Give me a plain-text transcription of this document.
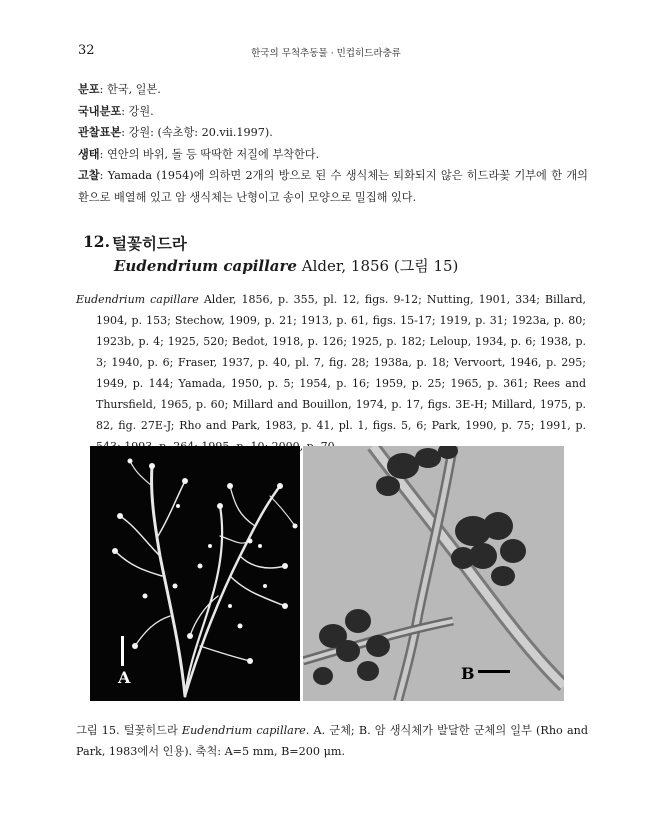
32	한국의 무척추동물 · 민컵히드라충류

분포: 한국, 일본.

국내분포: 강원.

관찰표본: 강원: (속초항: 20.vii.1997).

생태: 연안의 바위, 돌 등 딱딱한 저질에 부착한다.

고찰: Yamada (1954)에 의하면 2개의 방으로 된 수 생식체는 퇴화되지 않은 히드라꽃 기부에 한 개의 환으로 배열해 있고 암 생식체는 난형이고 송이 모양으로 밀집해 있다.

12. 털꽃히드라
Eudendrium capillare Alder, 1856 (그림 15)

Eudendrium capillare Alder, 1856, p. 355, pl. 12, figs. 9-12; Nutting, 1901, 334; Billard, 1904, p. 153; Stechow, 1909, p. 21; 1913, p. 61, figs. 15-17; 1919, p. 31; 1923a, p. 80; 1923b, p. 4; 1925, 520; Bedot, 1918, p. 126; 1925, p. 182; Leloup, 1934, p. 6; 1938, p. 3; 1940, p. 6; Fraser, 1937, p. 40, pl. 7, fig. 28; 1938a, p. 18; Vervoort, 1946, p. 295; 1949, p. 144; Yamada, 1950, p. 5; 1954, p. 16; 1959, p. 25; 1965, p. 361; Rees and Thursfield, 1965, p. 60; Millard and Bouillon, 1974, p. 17, figs. 3E-H; Millard, 1975, p. 82, fig. 27E-J; Rho and Park, 1983, p. 41, pl. 1, figs. 5, 6; Park, 1990, p. 75; 1991, p.

A	B
그림 15. 털꽃히드라 Eudendrium capillare. A. 군체; B. 암 생식체가 발달한 군체의 일부 (Rho and Park, 1983에서 인용). 축척: A=5 mm, B=200 μm.
